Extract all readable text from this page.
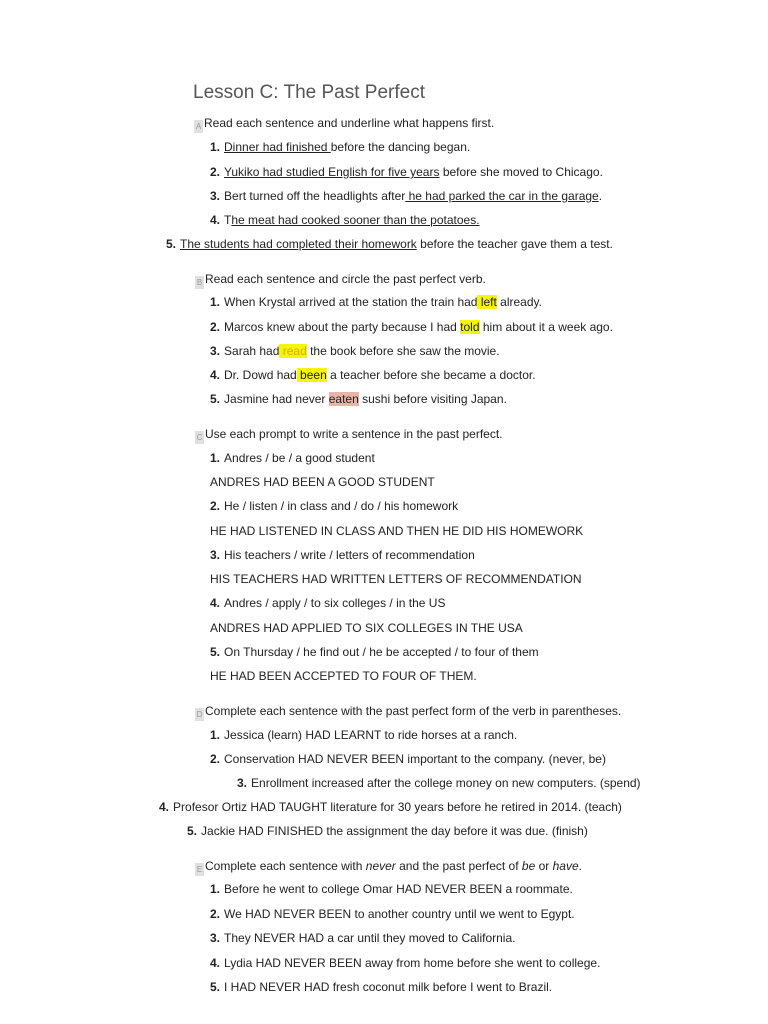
Lesson C: The Past Perfect
A Read each sentence and underline what happens first.
1. Dinner had finished before the dancing began.
2. Yukiko had studied English for five years before she moved to Chicago.
3. Bert turned off the headlights after he had parked the car in the garage.
4. The meat had cooked sooner than the potatoes.
5. The students had completed their homework before the teacher gave them a test.
B Read each sentence and circle the past perfect verb.
1. When Krystal arrived at the station the train had left already.
2. Marcos knew about the party because I had told him about it a week ago.
3. Sarah had read the book before she saw the movie.
4. Dr. Dowd had been a teacher before she became a doctor.
5. Jasmine had never eaten sushi before visiting Japan.
C Use each prompt to write a sentence in the past perfect.
1. Andres / be / a good student
ANDRES HAD BEEN A GOOD STUDENT
2. He / listen / in class and / do / his homework
HE HAD LISTENED IN CLASS AND THEN HE DID HIS HOMEWORK
3. His teachers / write / letters of recommendation
HIS TEACHERS HAD WRITTEN LETTERS OF RECOMMENDATION
4. Andres / apply / to six colleges / in the US
ANDRES HAD APPLIED TO SIX COLLEGES IN THE USA
5. On Thursday / he find out / he be accepted / to four of them
HE HAD BEEN ACCEPTED TO FOUR OF THEM.
D Complete each sentence with the past perfect form of the verb in parentheses.
1. Jessica (learn) HAD LEARNT to ride horses at a ranch.
2. Conservation HAD NEVER BEEN important to the company. (never, be)
3. Enrollment increased after the college money on new computers. (spend)
4. Profesor Ortiz HAD TAUGHT literature for 30 years before he retired in 2014. (teach)
5. Jackie HAD FINISHED the assignment the day before it was due. (finish)
E Complete each sentence with never and the past perfect of be or have.
1. Before he went to college Omar HAD NEVER BEEN a roommate.
2. We HAD NEVER BEEN to another country until we went to Egypt.
3. They NEVER HAD a car until they moved to California.
4. Lydia HAD NEVER BEEN away from home before she went to college.
5. I HAD NEVER HAD fresh coconut milk before I went to Brazil.
